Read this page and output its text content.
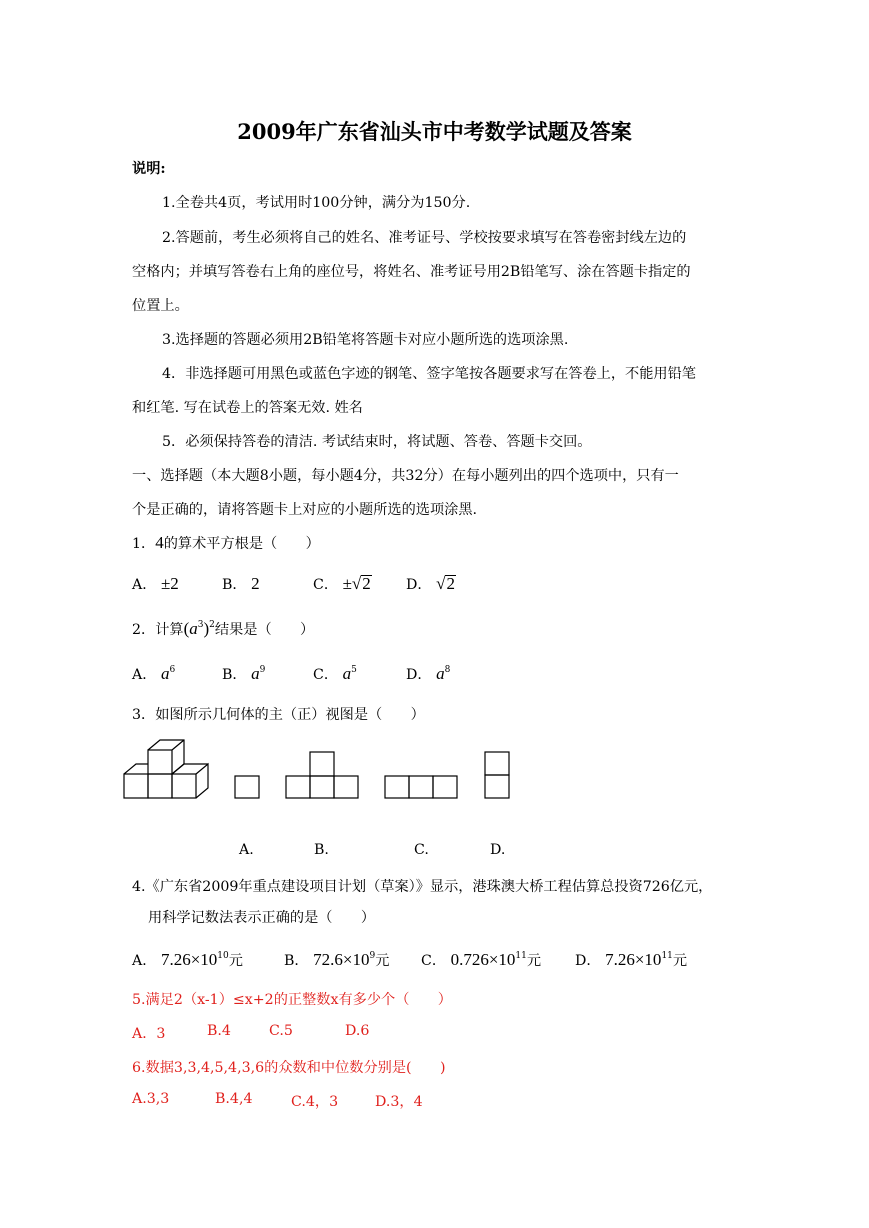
2009年广东省汕头市中考数学试题及答案
说明:
1.全卷共4页，考试用时100分钟，满分为150分.
2.答题前，考生必须将自己的姓名、准考证号、学校按要求填写在答卷密封线左边的
空格内；并填写答卷右上角的座位号，将姓名、准考证号用2B铅笔写、涂在答题卡指定的
位置上。
3.选择题的答题必须用2B铅笔将答题卡对应小题所选的选项涂黑.
4．非选择题可用黑色或蓝色字迹的钢笔、签字笔按各题要求写在答卷上，不能用铅笔
和红笔. 写在试卷上的答案无效. 姓名
5．必须保持答卷的清洁. 考试结束时，将试题、答卷、答题卡交回。
一、选择题（本大题8小题，每小题4分，共32分）在每小题列出的四个选项中，只有一
个是正确的，请将答题卡上对应的小题所选的选项涂黑.
1．4的算术平方根是（　　）
A． ±2	B． 2	C． ±√2 D． √2
2．计算$(a^3)^2$结果是（　　）
A． $a^6$	B． $a^9$	C． $a^5$	D． $a^8$
3．如图所示几何体的主（正）视图是（　　）
A.	B.	C.	D.
4.《广东省2009年重点建设项目计划（草案）》显示，港珠澳大桥工程估算总投资726亿元，
用科学记数法表示正确的是（　　）
A． $7.26\times 10^{10}$元	B． $72.6\times 10^9$元 C． $0.726\times 10^{11}$元 D． $7.26\times 10^{11}$元
5.满足2（x-1）≤x+2的正整数x有多少个（　　）
A．3	B.4	C.5	D.6
6.数据3,3,4,5,4,3,6的众数和中位数分别是(　　)
A.3,3	B.4,4	C.4，3	D.3，4
